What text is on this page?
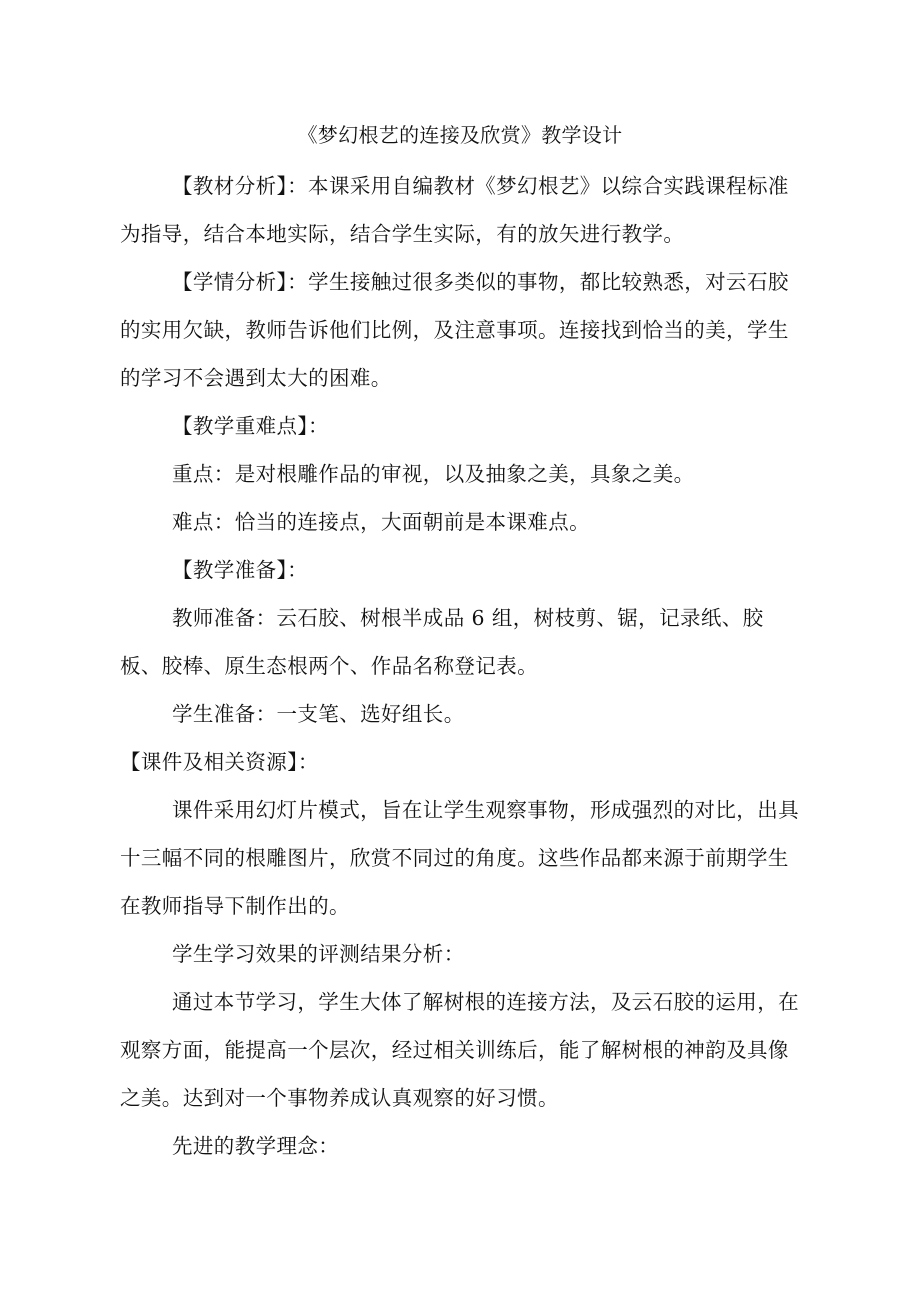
《梦幻根艺的连接及欣赏》教学设计

【教材分析】：本课采用自编教材《梦幻根艺》以综合实践课程标准为指导，结合本地实际，结合学生实际，有的放矢进行教学。

【学情分析】：学生接触过很多类似的事物，都比较熟悉，对云石胶的实用欠缺，教师告诉他们比例，及注意事项。连接找到恰当的美，学生的学习不会遇到太大的困难。

【教学重难点】：

重点：是对根雕作品的审视，以及抽象之美，具象之美。

难点：恰当的连接点，大面朝前是本课难点。

【教学准备】：

教师准备：云石胶、树根半成品 6 组，树枝剪、锯，记录纸、胶板、胶棒、原生态根两个、作品名称登记表。

学生准备：一支笔、选好组长。

【课件及相关资源】：

课件采用幻灯片模式，旨在让学生观察事物，形成强烈的对比，出具十三幅不同的根雕图片，欣赏不同过的角度。这些作品都来源于前期学生在教师指导下制作出的。

学生学习效果的评测结果分析：

通过本节学习，学生大体了解树根的连接方法，及云石胶的运用，在观察方面，能提高一个层次，经过相关训练后，能了解树根的神韵及具像之美。达到对一个事物养成认真观察的好习惯。

先进的教学理念：
